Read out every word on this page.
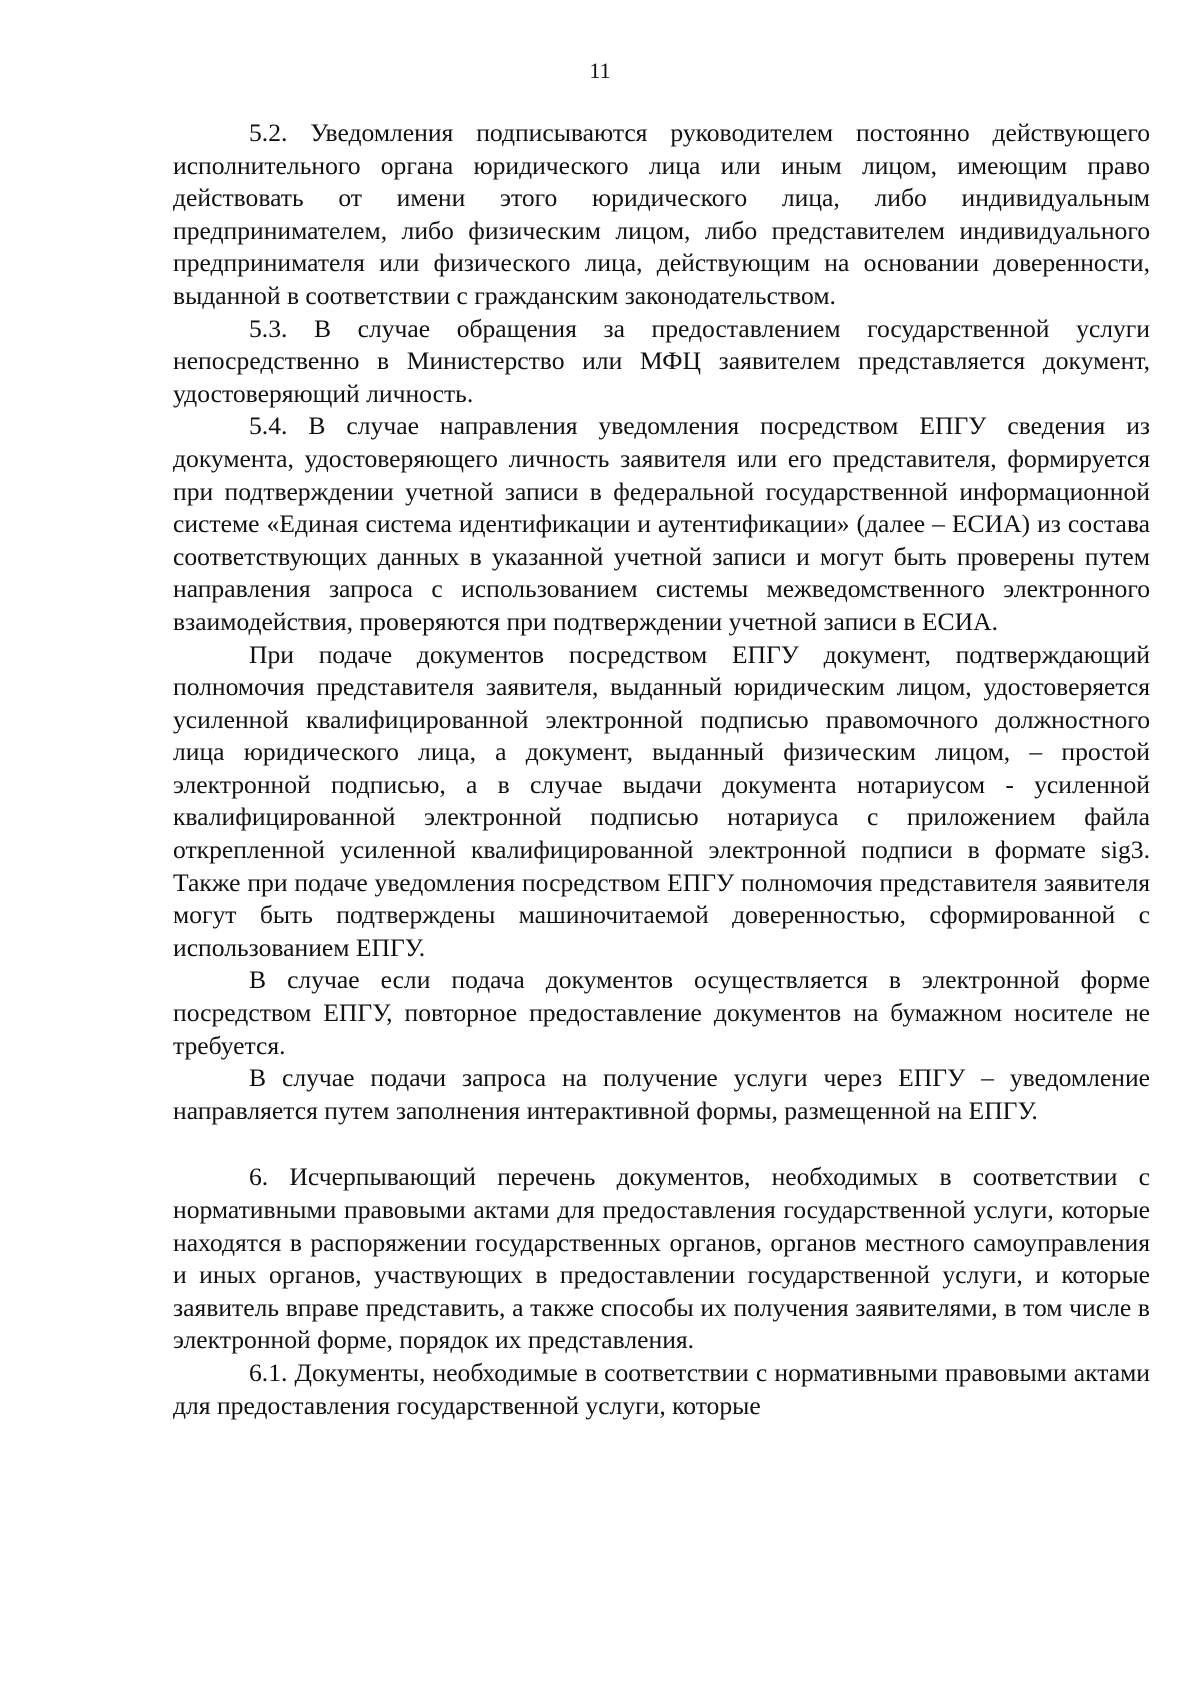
11

5.2. Уведомления подписываются руководителем постоянно действующего исполнительного органа юридического лица или иным лицом, имеющим право действовать от имени этого юридического лица, либо индивидуальным предпринимателем, либо физическим лицом, либо представителем индивидуального предпринимателя или физического лица, действующим на основании доверенности, выданной в соответствии с гражданским законодательством.

5.3. В случае обращения за предоставлением государственной услуги непосредственно в Министерство или МФЦ заявителем представляется документ, удостоверяющий личность.

5.4. В случае направления уведомления посредством ЕПГУ сведения из документа, удостоверяющего личность заявителя или его представителя, формируется при подтверждении учетной записи в федеральной государственной информационной системе «Единая система идентификации и аутентификации» (далее – ЕСИА) из состава соответствующих данных в указанной учетной записи и могут быть проверены путем направления запроса с использованием системы межведомственного электронного взаимодействия, проверяются при подтверждении учетной записи в ЕСИА.

При подаче документов посредством ЕПГУ документ, подтверждающий полномочия представителя заявителя, выданный юридическим лицом, удостоверяется усиленной квалифицированной электронной подписью правомочного должностного лица юридического лица, а документ, выданный физическим лицом, – простой электронной подписью, а в случае выдачи документа нотариусом - усиленной квалифицированной электронной подписью нотариуса с приложением файла открепленной усиленной квалифицированной электронной подписи в формате sig3. Также при подаче уведомления посредством ЕПГУ полномочия представителя заявителя могут быть подтверждены машиночитаемой доверенностью, сформированной с использованием ЕПГУ.

В случае если подача документов осуществляется в электронной форме посредством ЕПГУ, повторное предоставление документов на бумажном носителе не требуется.

В случае подачи запроса на получение услуги через ЕПГУ – уведомление направляется путем заполнения интерактивной формы, размещенной на ЕПГУ.

6. Исчерпывающий перечень документов, необходимых в соответствии с нормативными правовыми актами для предоставления государственной услуги, которые находятся в распоряжении государственных органов, органов местного самоуправления и иных органов, участвующих в предоставлении государственной услуги, и которые заявитель вправе представить, а также способы их получения заявителями, в том числе в электронной форме, порядок их представления.

6.1. Документы, необходимые в соответствии с нормативными правовыми актами для предоставления государственной услуги, которые
